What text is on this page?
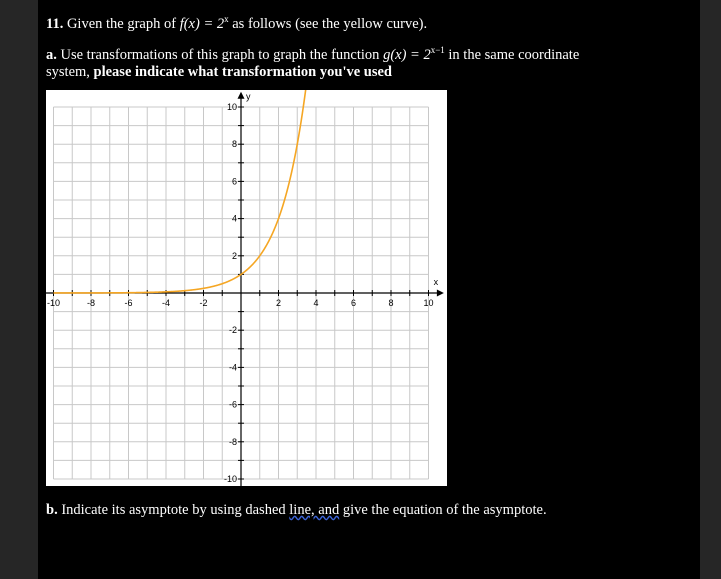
11. Given the graph of $f(x) = 2^x$ as follows (see the yellow curve).
a. Use transformations of this graph to graph the function $g(x) = 2^{x-1}$ in the same coordinate
system, please indicate what transformation you've used
-10	-8	-6	-4	-2	2	4	6	8	10
10
8
6
4
2
-2
-4
-6
-8
-10
x
y
b. Indicate its asymptote by using dashed line, and give the equation of the asymptote.
